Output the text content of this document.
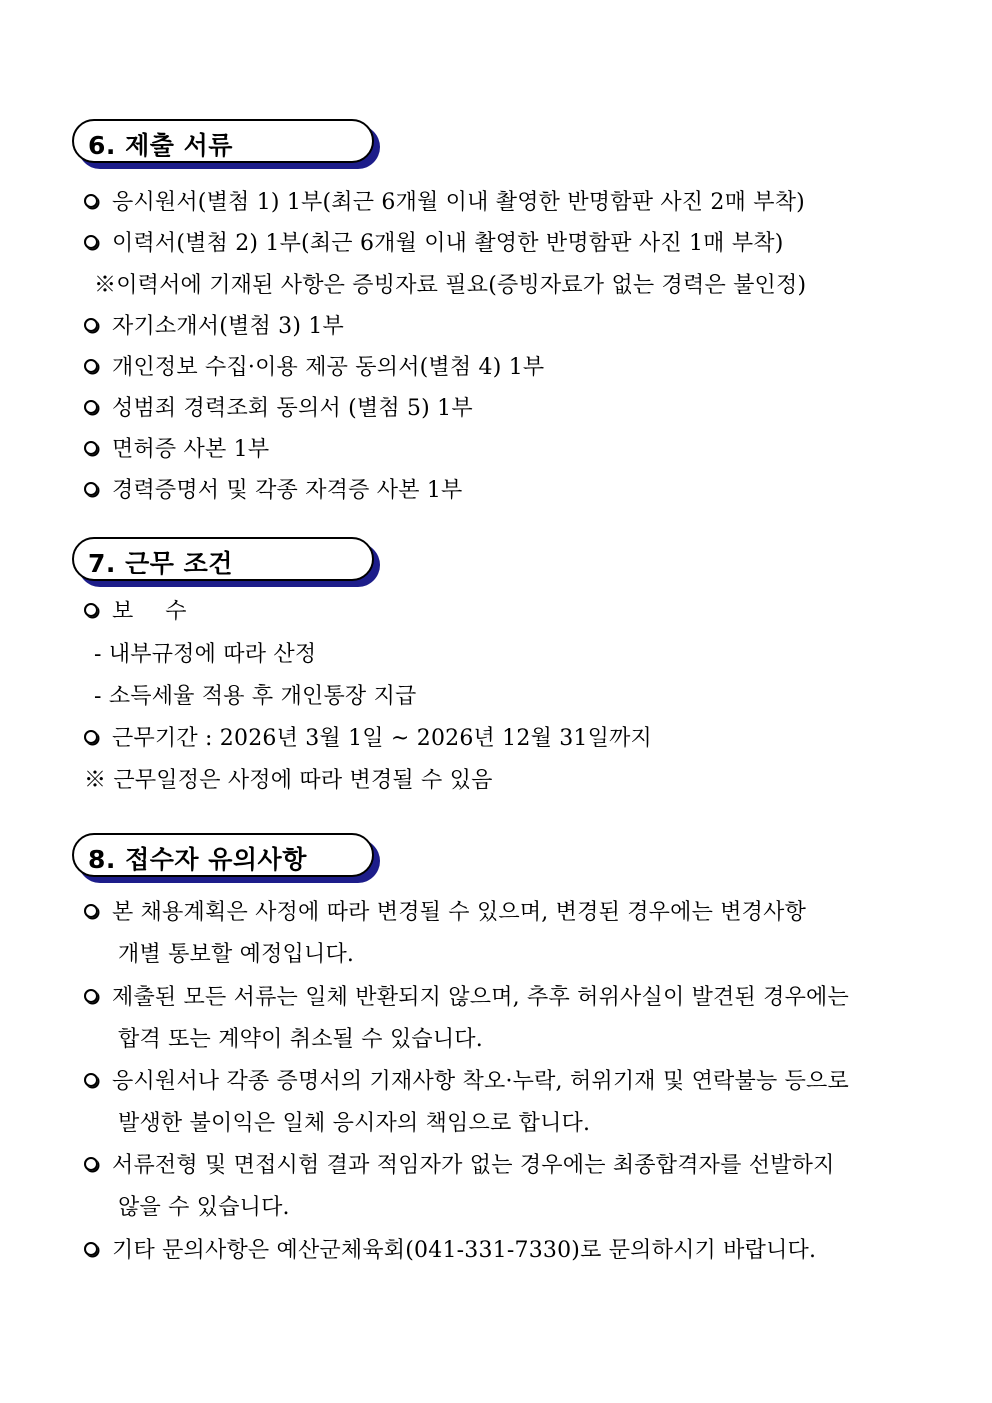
6. 제출 서류
응시원서(별첨 1) 1부(최근 6개월 이내 촬영한 반명함판 사진 2매 부착)
이력서(별첨 2) 1부(최근 6개월 이내 촬영한 반명함판 사진 1매 부착)
※이력서에 기재된 사항은 증빙자료 필요(증빙자료가 없는 경력은 불인정)
자기소개서(별첨 3) 1부
개인정보 수집·이용 제공 동의서(별첨 4) 1부
성범죄 경력조회 동의서 (별첨 5) 1부
면허증 사본 1부
경력증명서 및 각종 자격증 사본 1부
7. 근무 조건
보  수
- 내부규정에 따라 산정
- 소득세율 적용 후 개인통장 지급
근무기간 : 2026년 3월 1일 ~ 2026년 12월 31일까지
※ 근무일정은 사정에 따라 변경될 수 있음
8. 접수자 유의사항
본 채용계획은 사정에 따라 변경될 수 있으며, 변경된 경우에는 변경사항
개별 통보할 예정입니다.
제출된 모든 서류는 일체 반환되지 않으며, 추후 허위사실이 발견된 경우에는
합격 또는 계약이 취소될 수 있습니다.
응시원서나 각종 증명서의 기재사항 착오·누락, 허위기재 및 연락불능 등으로
발생한 불이익은 일체 응시자의 책임으로 합니다.
서류전형 및 면접시험 결과 적임자가 없는 경우에는 최종합격자를 선발하지
않을 수 있습니다.
기타 문의사항은 예산군체육회(041-331-7330)로 문의하시기 바랍니다.
